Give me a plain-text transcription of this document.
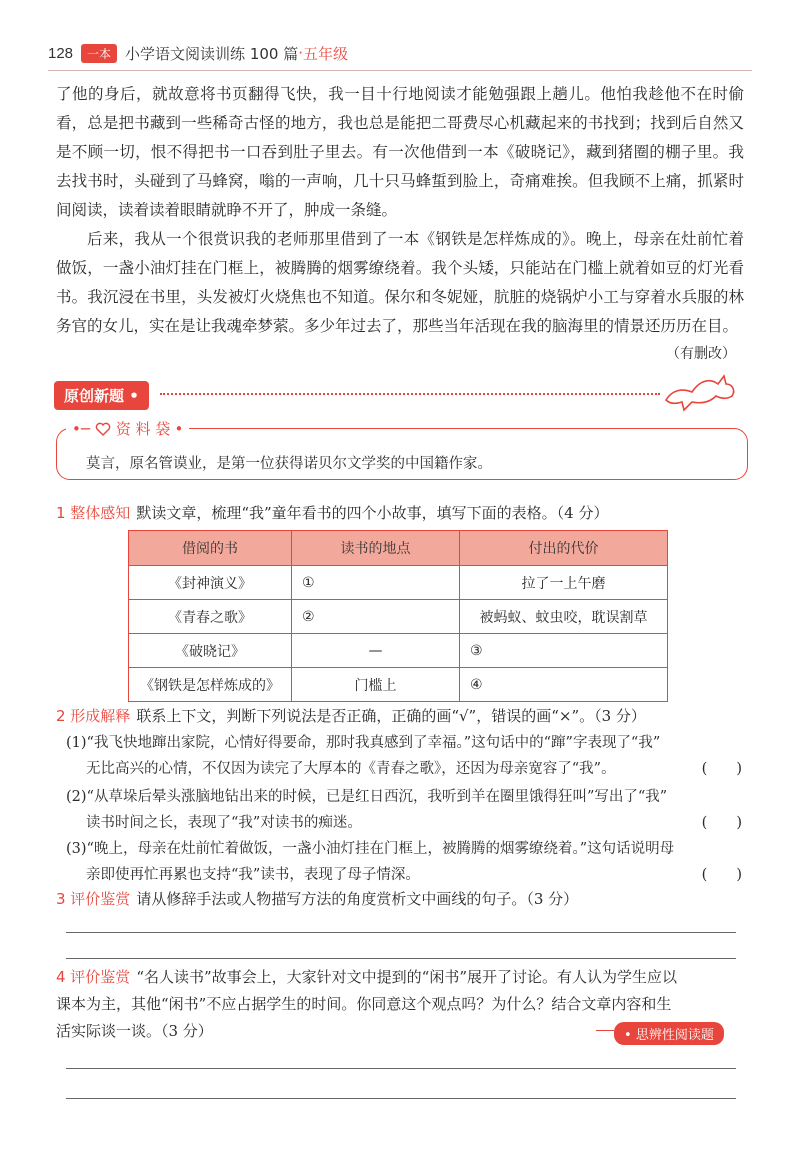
128	一本 小学语文阅读训练 100 篇 · 五年级

了他的身后，就故意将书页翻得飞快，我一目十行地阅读才能勉强跟上趟儿。他怕我趁他不在时偷看，总是把书藏到一些稀奇古怪的地方，我也总是能把二哥费尽心机藏起来的书找到；找到后自然又是不顾一切，恨不得把书一口吞到肚子里去。有一次他借到一本《破晓记》，藏到猪圈的棚子里。我去找书时，头碰到了马蜂窝，嗡的一声响，几十只马蜂蜇到脸上，奇痛难挨。但我顾不上痛，抓紧时间阅读，读着读着眼睛就睁不开了，肿成一条缝。

后来，我从一个很赏识我的老师那里借到了一本《钢铁是怎样炼成的》。晚上，母亲在灶前忙着做饭，一盏小油灯挂在门框上，被腾腾的烟雾缭绕着。我个头矮，只能站在门槛上就着如豆的灯光看书。我沉浸在书里，头发被灯火烧焦也不知道。保尔和冬妮娅，肮脏的烧锅炉小工与穿着水兵服的林务官的女儿，实在是让我魂牵梦萦。多少年过去了，那些当年活现在我的脑海里的情景还历历在目。

（有删改）
原创新题 •
•─ 资 料 袋 •
莫言，原名管谟业，是第一位获得诺贝尔文学奖的中国籍作家。
1 整体感知 默读文章，梳理“我”童年看书的四个小故事，填写下面的表格。（4 分）
借阅的书	读书的地点	付出的代价
《封神演义》	①	拉了一上午磨
《青春之歌》	②	被蚂蚁、蚊虫咬，耽误割草
《破晓记》	—	③
《钢铁是怎样炼成的》	门槛上	④
2 形成解释 联系上下文，判断下列说法是否正确，正确的画“√”，错误的画“×”。（3 分）
(1)“我飞快地蹿出家院，心情好得要命，那时我真感到了幸福。”这句话中的“蹿”字表现了“我”
无比高兴的心情，不仅因为读完了大厚本的《青春之歌》，还因为母亲宽容了“我”。	(　　)
(2)“从草垛后晕头涨脑地钻出来的时候，已是红日西沉，我听到羊在圈里饿得狂叫”写出了“我”
读书时间之长，表现了“我”对读书的痴迷。	(　　)
(3)“晚上，母亲在灶前忙着做饭，一盏小油灯挂在门框上，被腾腾的烟雾缭绕着。”这句话说明母
亲即使再忙再累也支持“我”读书，表现了母子情深。	(　　)
3 评价鉴赏 请从修辞手法或人物描写方法的角度赏析文中画线的句子。（3 分）
4 评价鉴赏 “名人读书”故事会上，大家针对文中提到的“闲书”展开了讨论。有人认为学生应以
课本为主，其他“闲书”不应占据学生的时间。你同意这个观点吗？为什么？结合文章内容和生
活实际谈一谈。（3 分）	• 思辨性阅读题
